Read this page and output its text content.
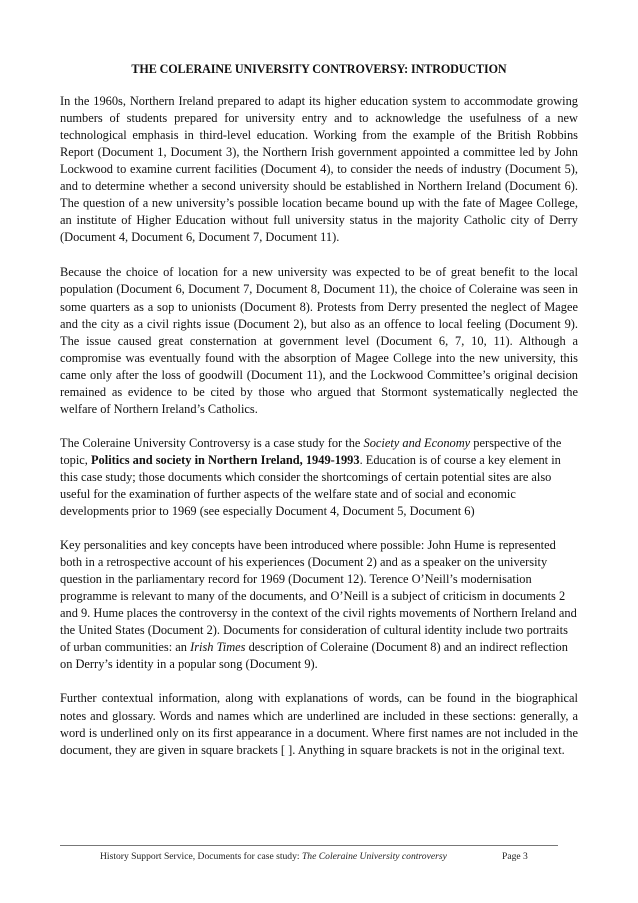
THE COLERAINE UNIVERSITY CONTROVERSY: INTRODUCTION

In the 1960s, Northern Ireland prepared to adapt its higher education system to accommodate growing numbers of students prepared for university entry and to acknowledge the usefulness of a new technological emphasis in third-level education. Working from the example of the British Robbins Report (Document 1, Document 3), the Northern Irish government appointed a committee led by John Lockwood to examine current facilities (Document 4), to consider the needs of industry (Document 5), and to determine whether a second university should be established in Northern Ireland (Document 6). The question of a new university’s possible location became bound up with the fate of Magee College, an institute of Higher Education without full university status in the majority Catholic city of Derry (Document 4, Document 6, Document 7, Document 11).

Because the choice of location for a new university was expected to be of great benefit to the local population (Document 6, Document 7, Document 8, Document 11), the choice of Coleraine was seen in some quarters as a sop to unionists (Document 8). Protests from Derry presented the neglect of Magee and the city as a civil rights issue (Document 2), but also as an offence to local feeling (Document 9). The issue caused great consternation at government level (Document 6, 7, 10, 11). Although a compromise was eventually found with the absorption of Magee College into the new university, this came only after the loss of goodwill (Document 11), and the Lockwood Committee’s original decision remained as evidence to be cited by those who argued that Stormont systematically neglected the welfare of Northern Ireland’s Catholics.

The Coleraine University Controversy is a case study for the Society and Economy perspective of the topic, Politics and society in Northern Ireland, 1949-1993. Education is of course a key element in this case study; those documents which consider the shortcomings of certain potential sites are also useful for the examination of further aspects of the welfare state and of social and economic developments prior to 1969 (see especially Document 4, Document 5, Document 6)

Key personalities and key concepts have been introduced where possible: John Hume is represented both in a retrospective account of his experiences (Document 2) and as a speaker on the university question in the parliamentary record for 1969 (Document 12). Terence O’Neill’s modernisation programme is relevant to many of the documents, and O’Neill is a subject of criticism in documents 2 and 9. Hume places the controversy in the context of the civil rights movements of Northern Ireland and the United States (Document 2). Documents for consideration of cultural identity include two portraits of urban communities: an Irish Times description of Coleraine (Document 8) and an indirect reflection on Derry’s identity in a popular song (Document 9).

Further contextual information, along with explanations of words, can be found in the biographical notes and glossary. Words and names which are underlined are included in these sections: generally, a word is underlined only on its first appearance in a document. Where first names are not included in the document, they are given in square brackets [ ]. Anything in square brackets is not in the original text.

History Support Service, Documents for case study: The Coleraine University controversy	Page 3
